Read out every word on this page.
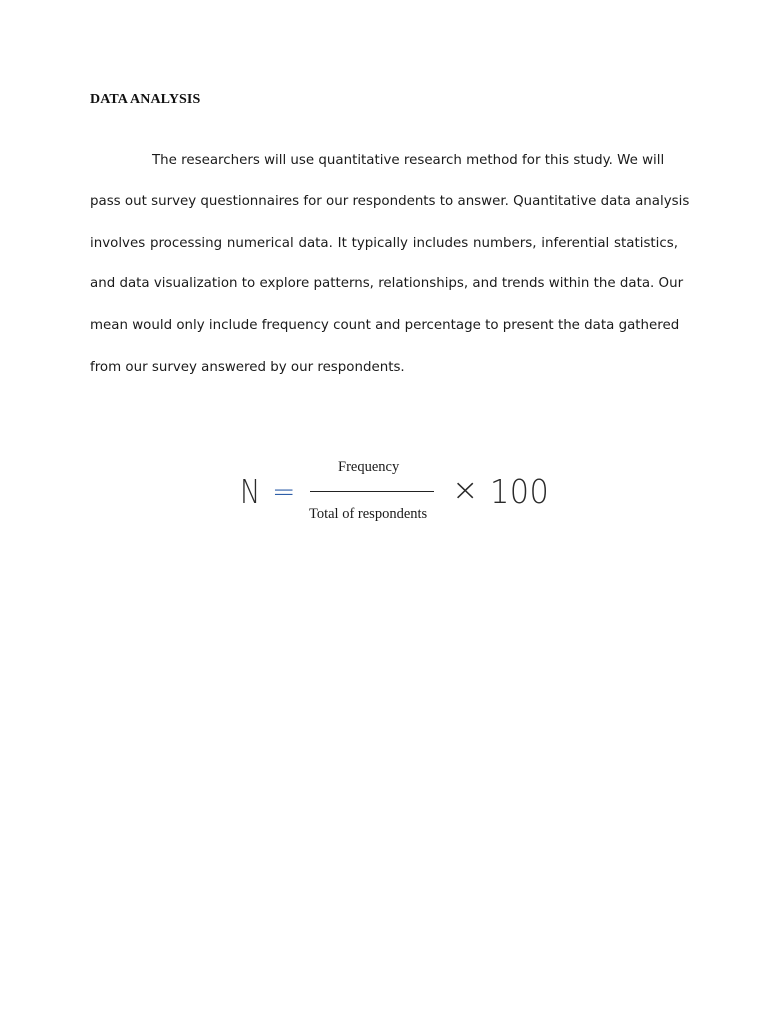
DATA ANALYSIS

The researchers will use quantitative research method for this study. We will

pass out survey questionnaires for our respondents to answer. Quantitative data analysis

involves processing numerical data. It typically includes numbers, inferential statistics,

and data visualization to explore patterns, relationships, and trends within the data. Our

mean would only include frequency count and percentage to present the data gathered

from our survey answered by our respondents.

N =
Frequency
Total of respondents
× 100
